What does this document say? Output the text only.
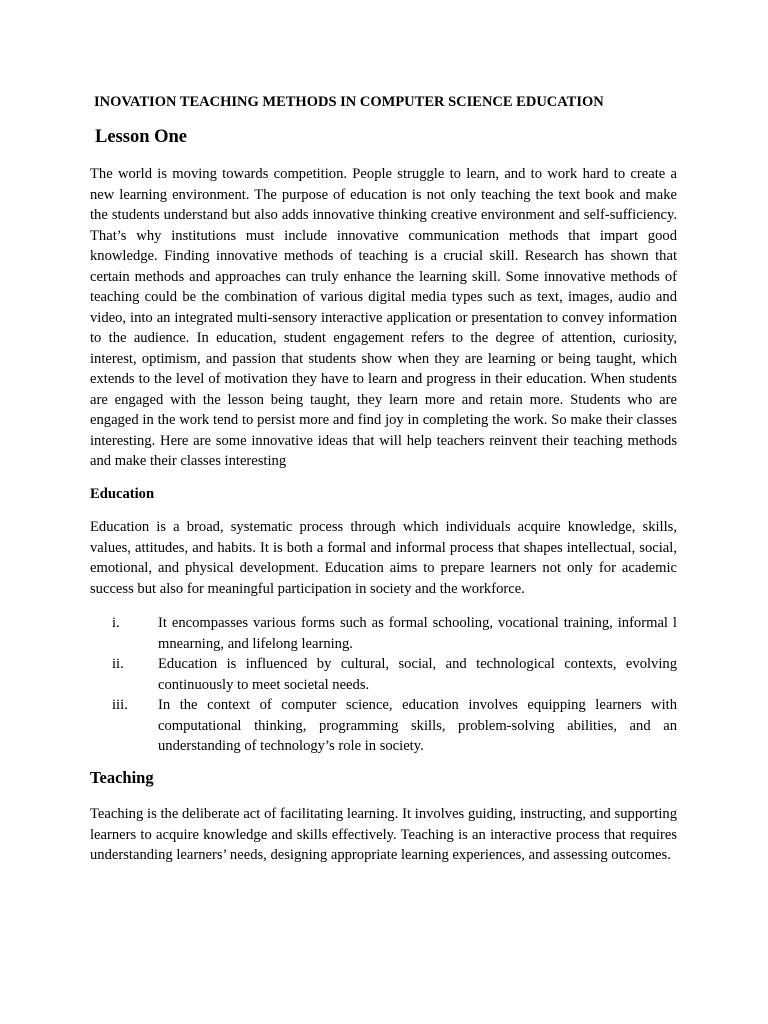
INOVATION TEACHING METHODS IN COMPUTER SCIENCE EDUCATION
Lesson One

The world is moving towards competition. People struggle to learn, and to work hard to create a new learning environment. The purpose of education is not only teaching the text book and make the students understand but also adds innovative thinking creative environment and self-sufficiency. That’s why institutions must include innovative communication methods that impart good knowledge. Finding innovative methods of teaching is a crucial skill. Research has shown that certain methods and approaches can truly enhance the learning skill. Some innovative methods of teaching could be the combination of various digital media types such as text, images, audio and video, into an integrated multi-sensory interactive application or presentation to convey information to the audience. In education, student engagement refers to the degree of attention, curiosity, interest, optimism, and passion that students show when they are learning or being taught, which extends to the level of motivation they have to learn and progress in their education. When students are engaged with the lesson being taught, they learn more and retain more. Students who are engaged in the work tend to persist more and find joy in completing the work. So make their classes interesting. Here are some innovative ideas that will help teachers reinvent their teaching methods and make their classes interesting

Education

Education is a broad, systematic process through which individuals acquire knowledge, skills, values, attitudes, and habits. It is both a formal and informal process that shapes intellectual, social, emotional, and physical development. Education aims to prepare learners not only for academic success but also for meaningful participation in society and the workforce.

i.	It encompasses various forms such as formal schooling, vocational training, informal l mnearning, and lifelong learning.
ii. Education is influenced by cultural, social, and technological contexts, evolving continuously to meet societal needs.
iii. In the context of computer science, education involves equipping learners with computational thinking, programming skills, problem-solving abilities, and an understanding of technology’s role in society.
Teaching

Teaching is the deliberate act of facilitating learning. It involves guiding, instructing, and supporting learners to acquire knowledge and skills effectively. Teaching is an interactive process that requires understanding learners’ needs, designing appropriate learning experiences, and assessing outcomes.
